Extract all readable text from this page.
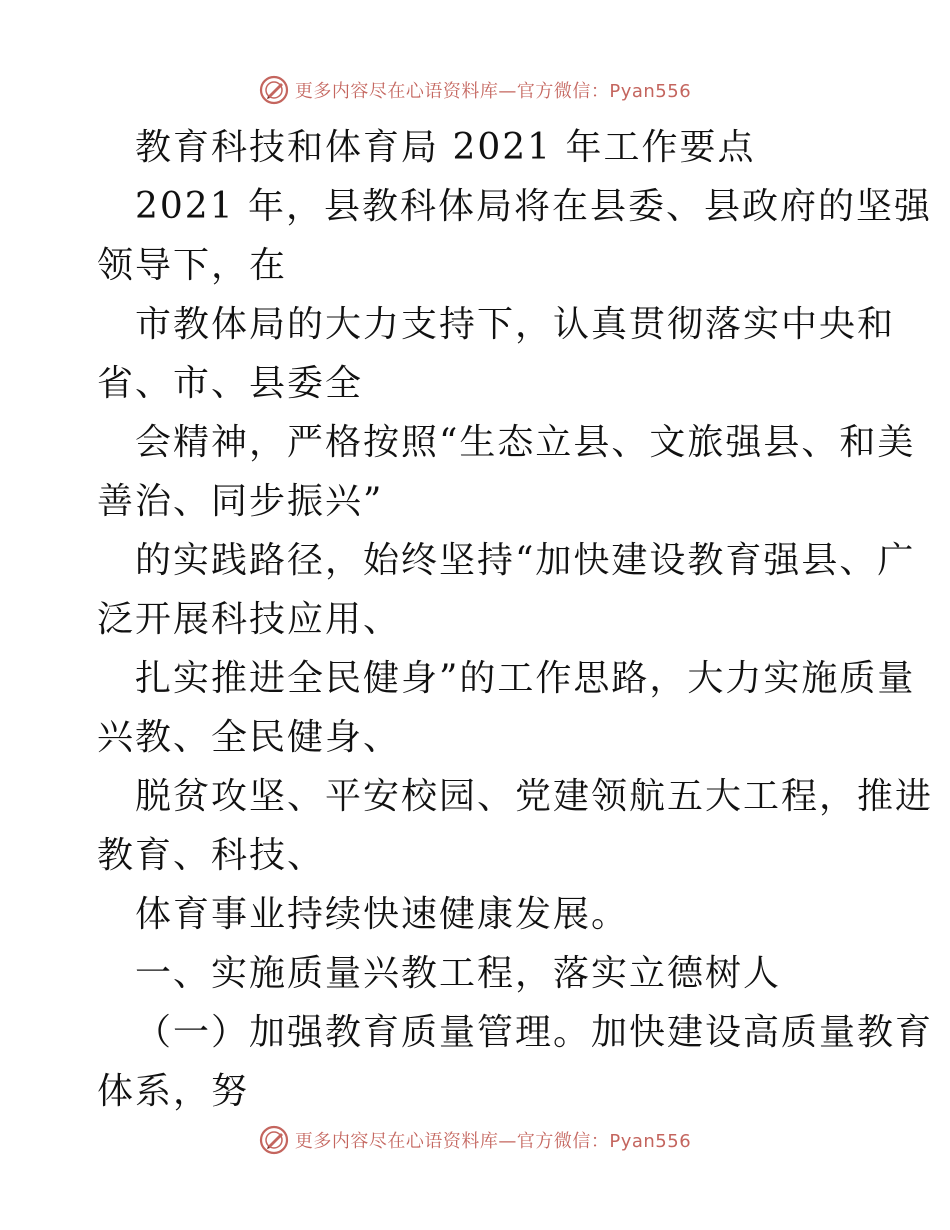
更多内容尽在心语资料库—官方微信：Pyan556
教育科技和体育局 2021 年工作要点
2021 年，县教科体局将在县委、县政府的坚强
领导下，在
市教体局的大力支持下，认真贯彻落实中央和
省、市、县委全
会精神，严格按照“生态立县、文旅强县、和美
善治、同步振兴”
的实践路径，始终坚持“加快建设教育强县、广
泛开展科技应用、
扎实推进全民健身”的工作思路，大力实施质量
兴教、全民健身、
脱贫攻坚、平安校园、党建领航五大工程，推进
教育、科技、
体育事业持续快速健康发展。
一、实施质量兴教工程，落实立德树人
（一）加强教育质量管理。加快建设高质量教育
体系，努
更多内容尽在心语资料库—官方微信：Pyan556
